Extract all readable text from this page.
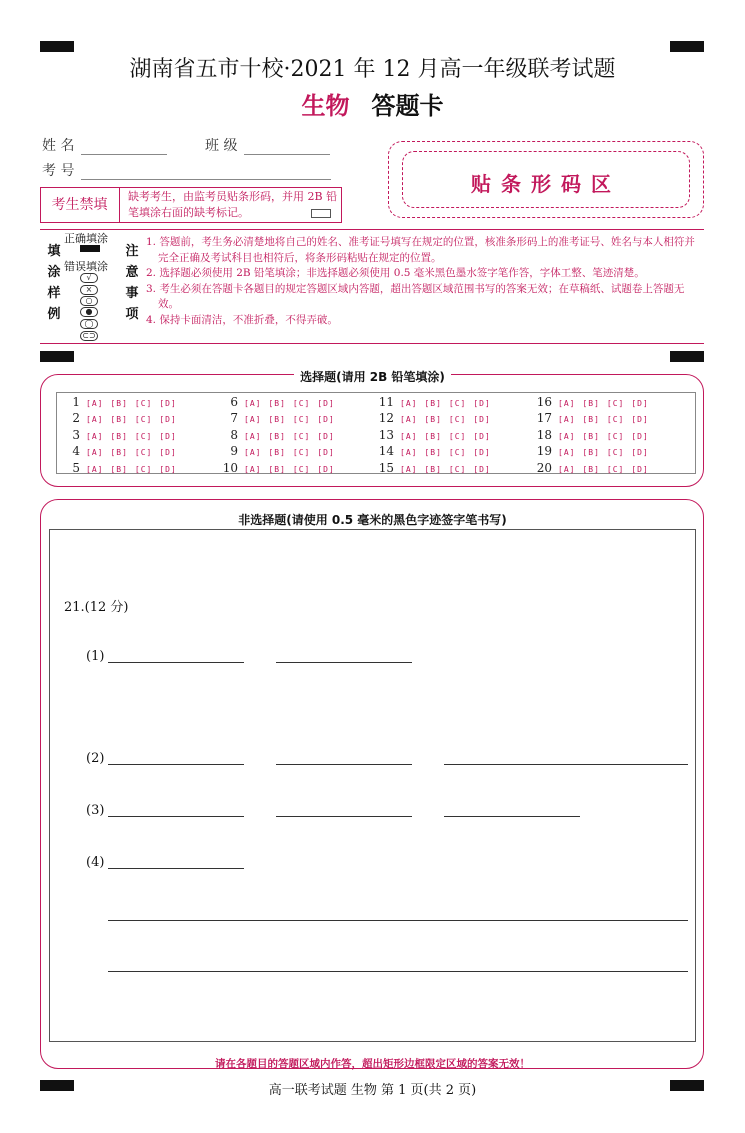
湖南省五市十校·2021 年 12 月高一年级联考试题
生物 答题卡
姓 名	班 级
考 号
贴条形码区
考生禁填
缺考考生，由监考员贴条形码，并用 2B 铅笔填涂右面的缺考标记。
填
涂
样
例
正确填涂
错误填涂
√
×
○
●
◯
⊂⊃
注
意
事
项

1. 答题前，考生务必清楚地将自己的姓名、准考证号填写在规定的位置，核准条形码上的准考证号、姓名与本人相符并完全正确及考试科目也相符后，将条形码粘贴在规定的位置。

2. 选择题必须使用 2B 铅笔填涂；非选择题必须使用 0.5 毫米黑色墨水签字笔作答，字体工整、笔迹清楚。

3. 考生必须在答题卡各题目的规定答题区域内答题，超出答题区域范围书写的答案无效；在草稿纸、试题卷上答题无效。

4. 保持卡面清洁，不准折叠，不得弄破。

选择题(请用 2B 铅笔填涂)
1 [A] [B] [C] [D]
2 [A] [B] [C] [D]
3 [A] [B] [C] [D]
4 [A] [B] [C] [D]
5 [A] [B] [C] [D]
6 [A] [B] [C] [D]
7 [A] [B] [C] [D]
8 [A] [B] [C] [D]
9 [A] [B] [C] [D]
10 [A] [B] [C] [D]
11 [A] [B] [C] [D]
12 [A] [B] [C] [D]
13 [A] [B] [C] [D]
14 [A] [B] [C] [D]
15 [A] [B] [C] [D]
16 [A] [B] [C] [D]
17 [A] [B] [C] [D]
18 [A] [B] [C] [D]
19 [A] [B] [C] [D]
20 [A] [B] [C] [D]
非选择题(请使用 0.5 毫米的黑色字迹签字笔书写)
21.(12 分)
(1)
(2)
(3)
(4)
请在各题目的答题区域内作答，超出矩形边框限定区域的答案无效！
高一联考试题 生物 第 1 页(共 2 页)
